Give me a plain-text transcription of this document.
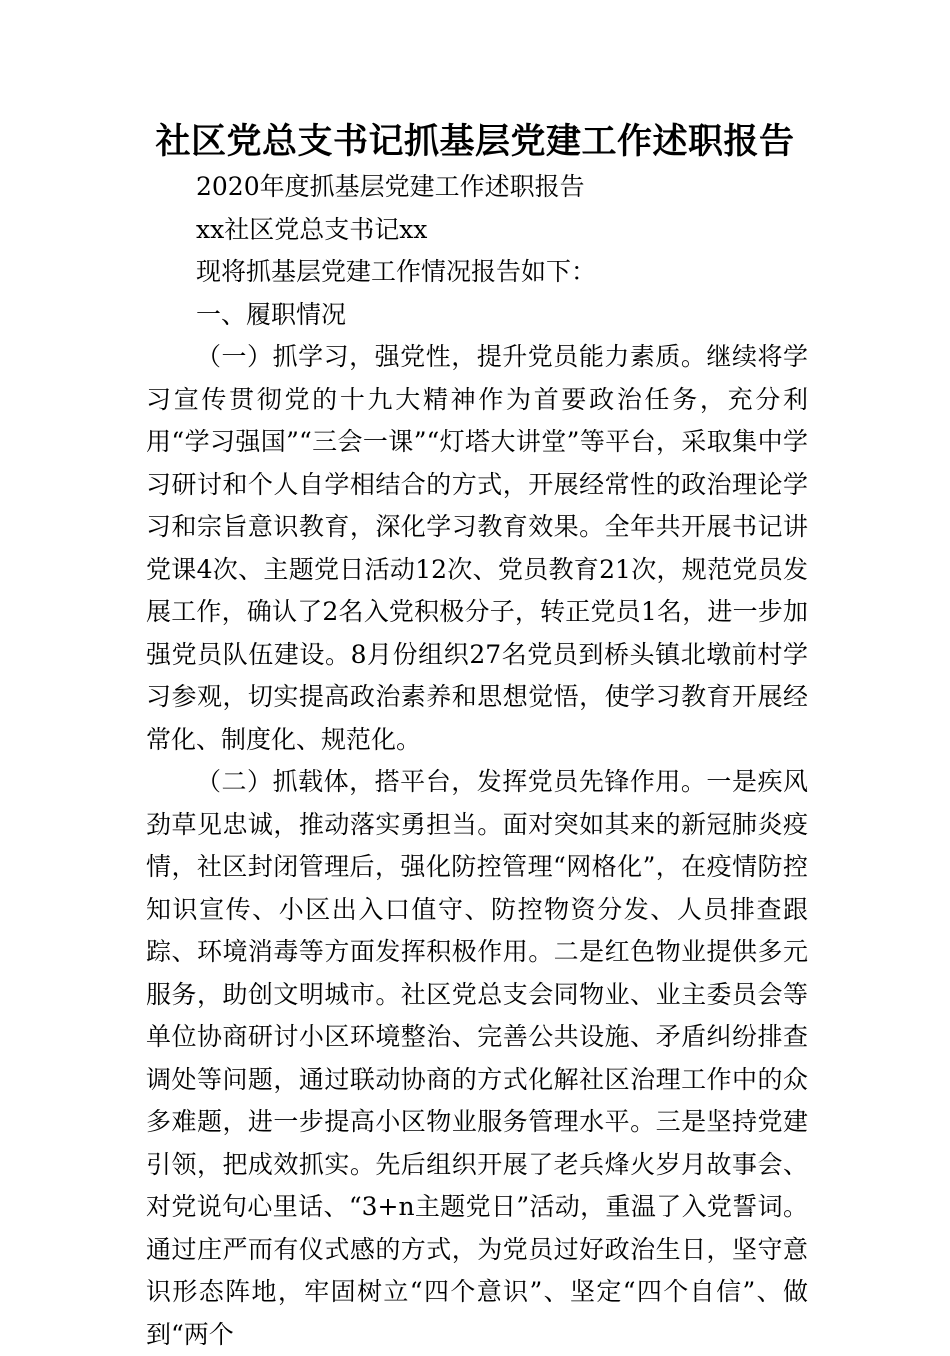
社区党总支书记抓基层党建工作述职报告

2020年度抓基层党建工作述职报告

xx社区党总支书记xx

现将抓基层党建工作情况报告如下：

一、履职情况

（一）抓学习，强党性，提升党员能力素质。继续将学习宣传贯彻党的十九大精神作为首要政治任务，充分利用“学习强国”“三会一课”“灯塔大讲堂”等平台，采取集中学习研讨和个人自学相结合的方式，开展经常性的政治理论学习和宗旨意识教育，深化学习教育效果。全年共开展书记讲党课4次、主题党日活动12次、党员教育21次，规范党员发展工作，确认了2名入党积极分子，转正党员1名，进一步加强党员队伍建设。8月份组织27名党员到桥头镇北墩前村学习参观，切实提高政治素养和思想觉悟，使学习教育开展经常化、制度化、规范化。

（二）抓载体，搭平台，发挥党员先锋作用。一是疾风劲草见忠诚，推动落实勇担当。面对突如其来的新冠肺炎疫情，社区封闭管理后，强化防控管理“网格化”，在疫情防控知识宣传、小区出入口值守、防控物资分发、人员排查跟踪、环境消毒等方面发挥积极作用。二是红色物业提供多元服务，助创文明城市。社区党总支会同物业、业主委员会等单位协商研讨小区环境整治、完善公共设施、矛盾纠纷排查调处等问题，通过联动协商的方式化解社区治理工作中的众多难题，进一步提高小区物业服务管理水平。三是坚持党建引领，把成效抓实。先后组织开展了老兵烽火岁月故事会、对党说句心里话、“3+n主题党日”活动，重温了入党誓词。通过庄严而有仪式感的方式，为党员过好政治生日，坚守意识形态阵地，牢固树立“四个意识”、坚定“四个自信”、做到“两个
